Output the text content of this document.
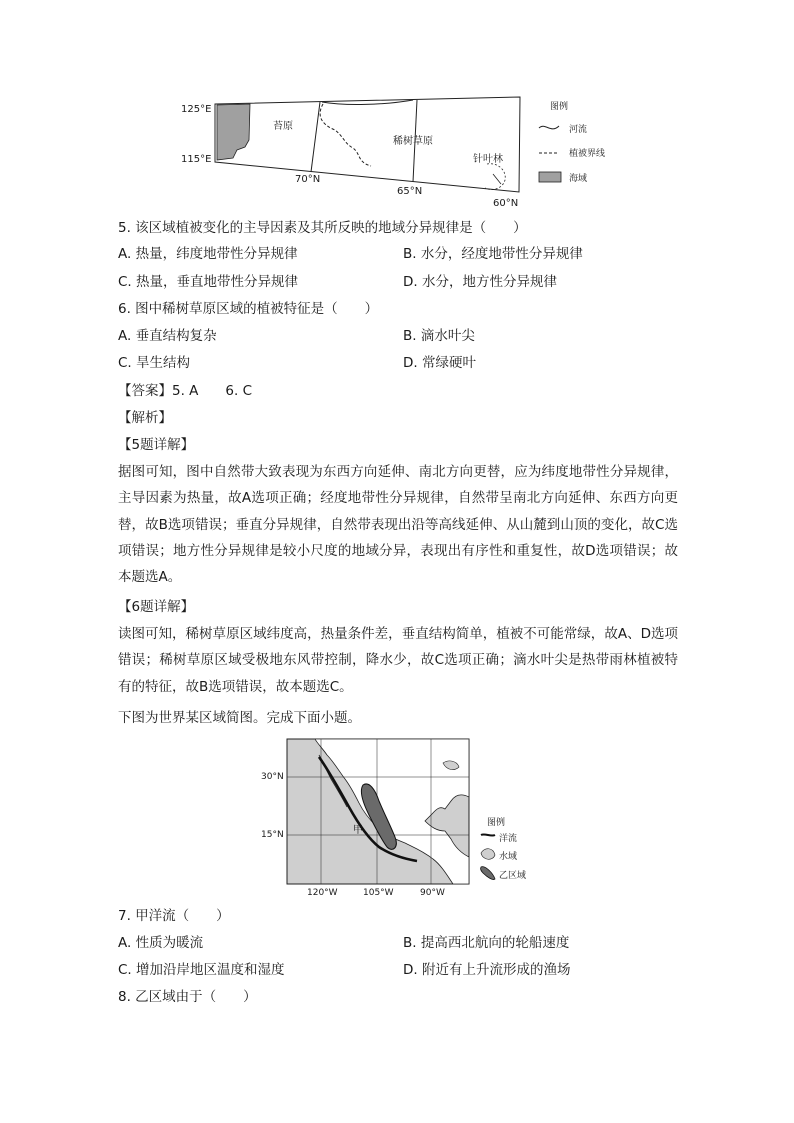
125°E
115°E
70°N
65°N
60°N
苔原
稀树草原
针叶林
图例
河流
植被界线
海域
5. 该区域植被变化的主导因素及其所反映的地域分异规律是（　　）
A. 热量，纬度地带性分异规律	B. 水分，经度地带性分异规律
C. 热量，垂直地带性分异规律	D. 水分，地方性分异规律
6. 图中稀树草原区域的植被特征是（　　）
A. 垂直结构复杂	B. 滴水叶尖
C. 旱生结构	D. 常绿硬叶
【答案】5. A　　6. C
【解析】
【5题详解】
据图可知，图中自然带大致表现为东西方向延伸、南北方向更替，应为纬度地带性分异规律，主导因素为热量，故A选项正确；经度地带性分异规律，自然带呈南北方向延伸、东西方向更替，故B选项错误；垂直分异规律，自然带表现出沿等高线延伸、从山麓到山顶的变化，故C选项错误；地方性分异规律是较小尺度的地域分异，表现出有序性和重复性，故D选项错误；故本题选A。
【6题详解】
读图可知，稀树草原区域纬度高，热量条件差，垂直结构简单，植被不可能常绿，故A、D选项错误；稀树草原区域受极地东风带控制，降水少，故C选项正确；滴水叶尖是热带雨林植被特有的特征，故B选项错误，故本题选C。
下图为世界某区域简图。完成下面小题。
30°N
15°N
120°W	105°W	90°W
甲
图例
洋流
水域
乙区域
7. 甲洋流（　　）
A. 性质为暖流	B. 提高西北航向的轮船速度
C. 增加沿岸地区温度和湿度	D. 附近有上升流形成的渔场
8. 乙区域由于（　　）
